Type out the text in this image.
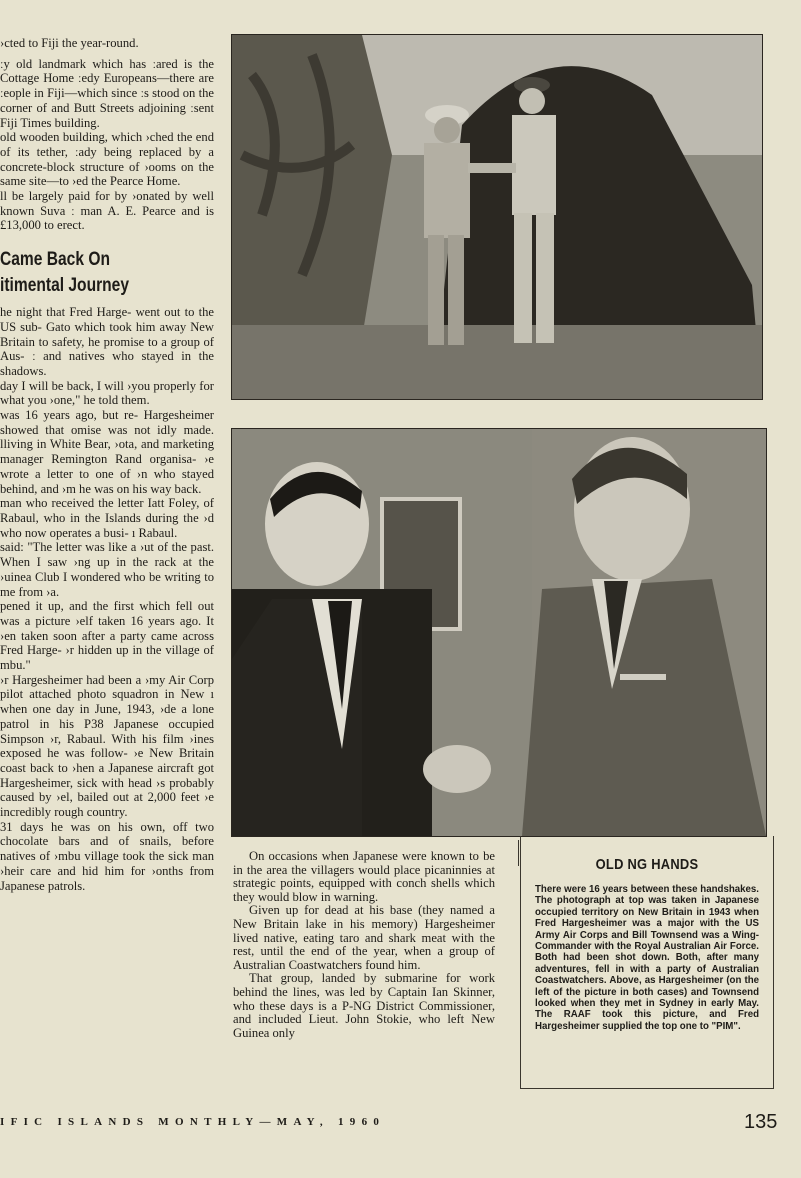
›cted to Fiji the year-round.

ːy old landmark which has ːared is the Cottage Home ːedy Europeans—there are ːeople in Fiji—which since ːs stood on the corner of and Butt Streets adjoining ːsent Fiji Times building.

old wooden building, which ›ched the end of its tether, ːady being replaced by a concrete-block structure of ›ooms on the same site—to ›ed the Pearce Home.

ll be largely paid for by ›onated by well known Suva ː man A. E. Pearce and is £13,000 to erect.

Came Back On
itimental Journey

he night that Fred Harge- went out to the US sub- Gato which took him away New Britain to safety, he promise to a group of Aus- ː and natives who stayed in the shadows.

day I will be back, I will ›you properly for what you ›one," he told them.

was 16 years ago, but re- Hargesheimer showed that omise was not idly made. lliving in White Bear, ›ota, and marketing manager Remington Rand organisa- ›e wrote a letter to one of ›n who stayed behind, and ›m he was on his way back.

man who received the letter Iatt Foley, of Rabaul, who in the Islands during the ›d who now operates a busi- ı Rabaul.

said: "The letter was like a ›ut of the past. When I saw ›ng up in the rack at the ›uinea Club I wondered who be writing to me from ›a.

pened it up, and the first which fell out was a picture ›elf taken 16 years ago. It ›en taken soon after a party came across Fred Harge- ›r hidden up in the village of mbu."

›r Hargesheimer had been a ›my Air Corp pilot attached photo squadron in New ı when one day in June, 1943, ›de a lone patrol in his P38 Japanese occupied Simpson ›r, Rabaul. With his film ›ines exposed he was follow- ›e New Britain coast back to ›hen a Japanese aircraft got Hargesheimer, sick with head ›s probably caused by ›el, bailed out at 2,000 feet ›e incredibly rough country.

31 days he was on his own, off two chocolate bars and of snails, before natives of ›mbu village took the sick man ›heir care and hid him for ›onths from Japanese patrols.

On occasions when Japanese were known to be in the area the villagers would place picaninnies at strategic points, equipped with conch shells which they would blow in warning.

Given up for dead at his base (they named a New Britain lake in his memory) Hargesheimer lived native, eating taro and shark meat with the rest, until the end of the year, when a group of Australian Coastwatchers found him.

That group, landed by submarine for work behind the lines, was led by Captain Ian Skinner, who these days is a P-NG District Commissioner, and included Lieut. John Stokie, who left New Guinea only

OLD NG HANDS
There were 16 years between these handshakes. The photograph at top was taken in Japanese occupied territory on New Britain in 1943 when Fred Hargesheimer was a major with the US Army Air Corps and Bill Townsend was a Wing-Commander with the Royal Australian Air Force. Both had been shot down. Both, after many adventures, fell in with a party of Australian Coastwatchers. Above, as Hargesheimer (on the left of the picture in both cases) and Townsend looked when they met in Sydney in early May. The RAAF took this picture, and Fred Hargesheimer supplied the top one to "PIM".
IFIC ISLANDS MONTHLY—MAY, 1960	135
